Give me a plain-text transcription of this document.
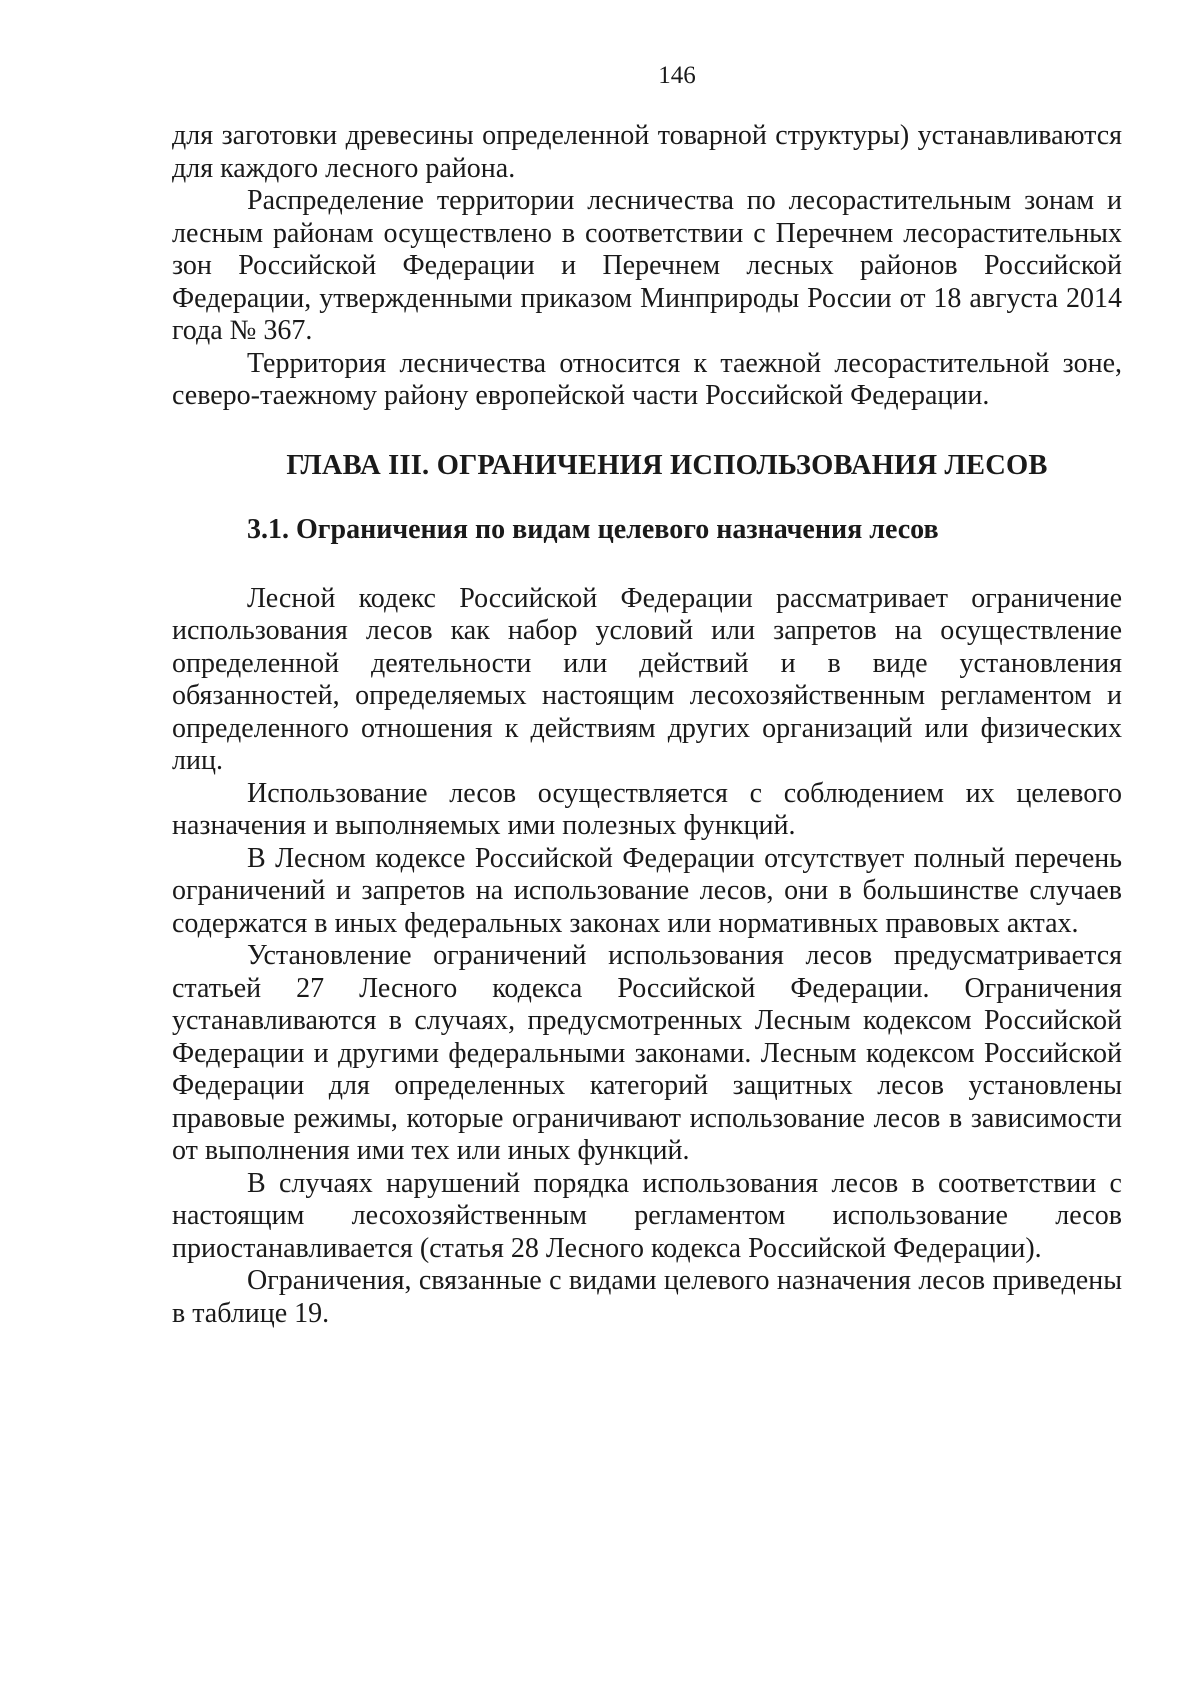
146

для заготовки древесины определенной товарной структуры) устанавливаются для каждого лесного района.

Распределение территории лесничества по лесорастительным зонам и лесным районам осуществлено в соответствии с Перечнем лесорастительных зон Российской Федерации и Перечнем лесных районов Российской Федерации, утвержденными приказом Минприроды России от 18 августа 2014 года № 367.

Территория лесничества относится к таежной лесорастительной зоне, северо-таежному району европейской части Российской Федерации.

ГЛАВА III. ОГРАНИЧЕНИЯ ИСПОЛЬЗОВАНИЯ ЛЕСОВ
3.1. Ограничения по видам целевого назначения лесов

Лесной кодекс Российской Федерации рассматривает ограничение использования лесов как набор условий или запретов на осуществление определенной деятельности или действий и в виде установления обязанностей, определяемых настоящим лесохозяйственным регламентом и определенного отношения к действиям других организаций или физических лиц.

Использование лесов осуществляется с соблюдением их целевого назначения и выполняемых ими полезных функций.

В Лесном кодексе Российской Федерации отсутствует полный перечень ограничений и запретов на использование лесов, они в большинстве случаев содержатся в иных федеральных законах или нормативных правовых актах.

Установление ограничений использования лесов предусматривается статьей 27 Лесного кодекса Российской Федерации. Ограничения устанавливаются в случаях, предусмотренных Лесным кодексом Российской Федерации и другими федеральными законами. Лесным кодексом Российской Федерации для определенных категорий защитных лесов установлены правовые режимы, которые ограничивают использование лесов в зависимости от выполнения ими тех или иных функций.

В случаях нарушений порядка использования лесов в соответствии с настоящим лесохозяйственным регламентом использование лесов приостанавливается (статья 28 Лесного кодекса Российской Федерации).

Ограничения, связанные с видами целевого назначения лесов приведены в таблице 19.
